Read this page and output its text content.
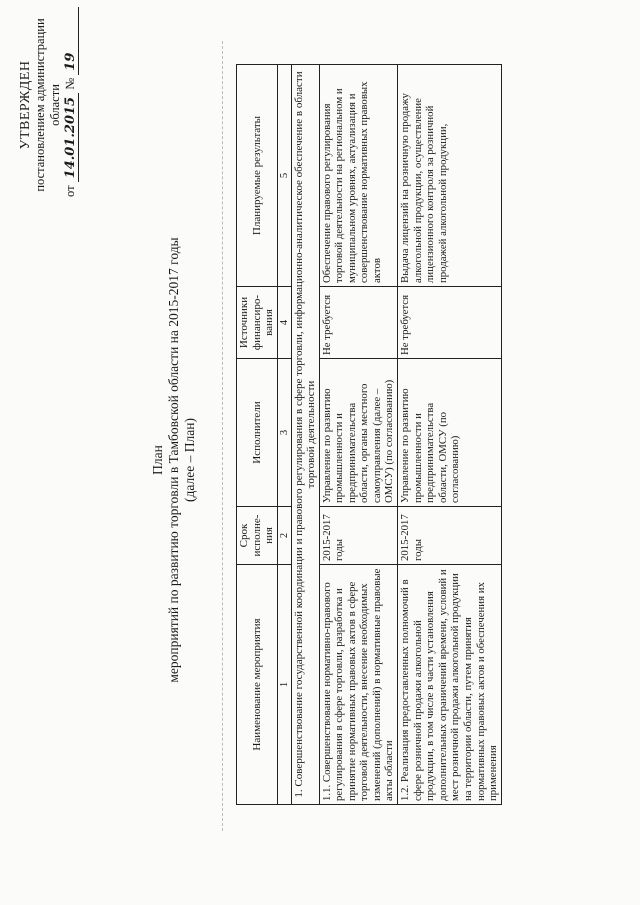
УТВЕРЖДЕН постановлением администрации области
от 14.01.2015 № 19
План мероприятий по развитию торговли в Тамбовской области на 2015-2017 годы (далее – План)
Наименование мероприятия	Срок исполне-ния	Исполнители	Источники финансиро-вания	Планируемые результаты
1	2	3	4	5
1. Совершенствование государственной координации и правового регулирования в сфере торговли, информационно-аналитическое обеспечение в области торговой деятельности				
1.1. Совершенствование нормативно-правового регулирования в сфере торговли, разработка и принятие нормативных правовых актов в сфере торговой деятельности, внесение необходимых изменений (дополнений) в нормативные правовые акты области	2015-2017 годы	Управление по развитию промышленности и предпринимательства области, органы местного самоуправления (далее – ОМСУ) (по согласованию)	Не требуется	Обеспечение правового регулирования торговой деятельности на региональном и муниципальном уровнях, актуализация и совершенствование нормативных правовых актов
1.2. Реализация предоставленных полномочий в сфере розничной продажи алкогольной продукции, в том числе в части установления дополнительных ограничений времени, условий и мест розничной продажи алкогольной продукции на территории области, путем принятия нормативных правовых актов и обеспечения их применения	2015-2017 годы	Управление по развитию промышленности и предпринимательства области, ОМСУ (по согласованию)	Не требуется	Выдача лицензий на розничную продажу алкогольной продукции, осуществление лицензионного контроля за розничной продажей алкогольной продукции,
